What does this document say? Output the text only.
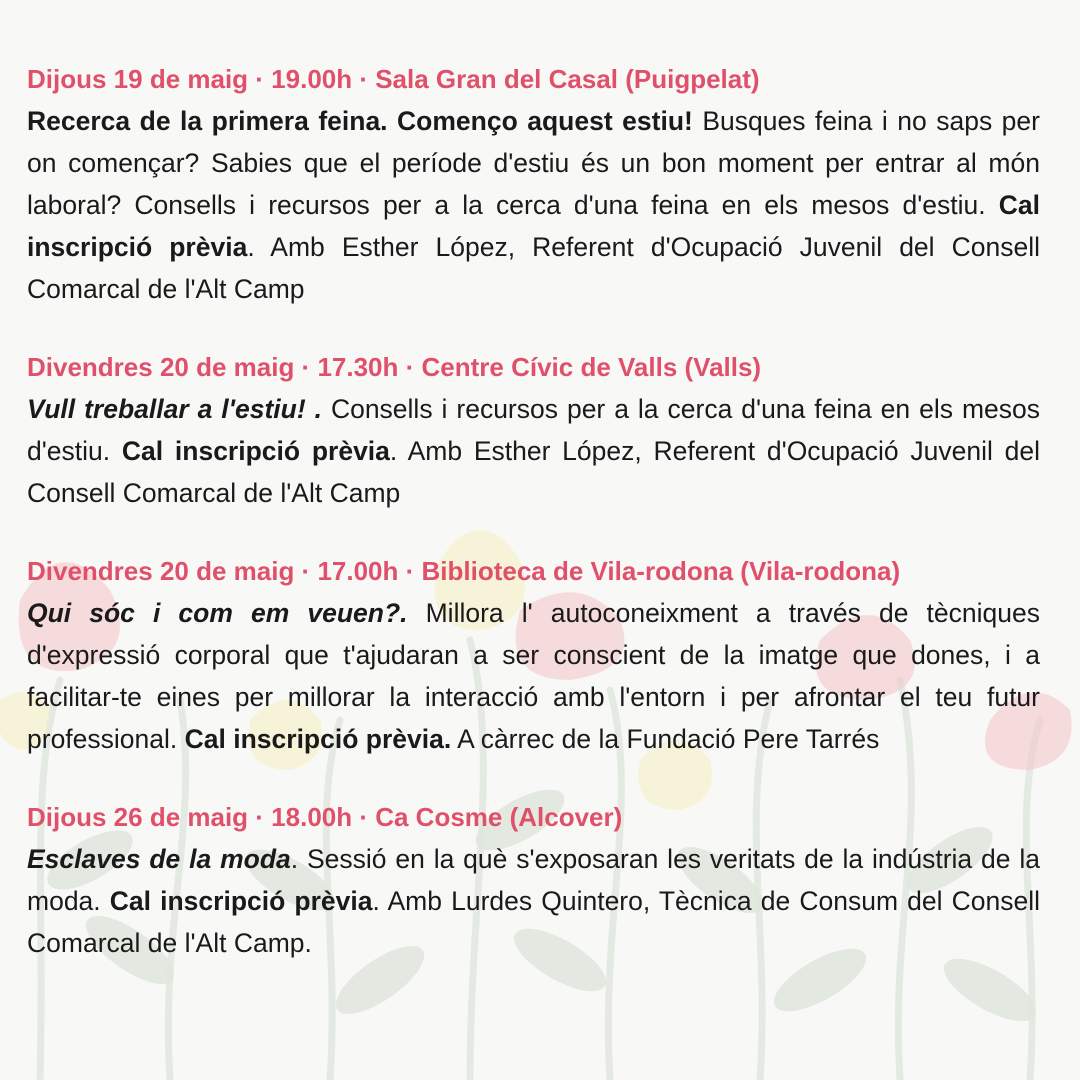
Dijous 19 de maig · 19.00h · Sala Gran del Casal (Puigpelat)

Recerca de la primera feina. Començo aquest estiu! Busques feina i no saps per on començar? Sabies que el període d'estiu és un bon moment per entrar al món laboral? Consells i recursos per a la cerca d'una feina en els mesos d'estiu. Cal inscripció prèvia. Amb Esther López, Referent d'Ocupació Juvenil del Consell Comarcal de l'Alt Camp

Divendres 20 de maig · 17.30h · Centre Cívic de Valls (Valls)

Vull treballar a l'estiu! . Consells i recursos per a la cerca d'una feina en els mesos d'estiu. Cal inscripció prèvia. Amb Esther López, Referent d'Ocupació Juvenil del Consell Comarcal de l'Alt Camp

Divendres 20 de maig · 17.00h · Biblioteca de Vila-rodona (Vila-rodona)

Qui sóc i com em veuen?. Millora l' autoconeixment a través de tècniques d'expressió corporal que t'ajudaran a ser conscient de la imatge que dones, i a facilitar-te eines per millorar la interacció amb l'entorn i per afrontar el teu futur professional. Cal inscripció prèvia. A càrrec de la Fundació Pere Tarrés

Dijous 26 de maig · 18.00h · Ca Cosme (Alcover)

Esclaves de la moda. Sessió en la què s'exposaran les veritats de la indústria de la moda. Cal inscripció prèvia. Amb Lurdes Quintero, Tècnica de Consum del Consell Comarcal de l'Alt Camp.
